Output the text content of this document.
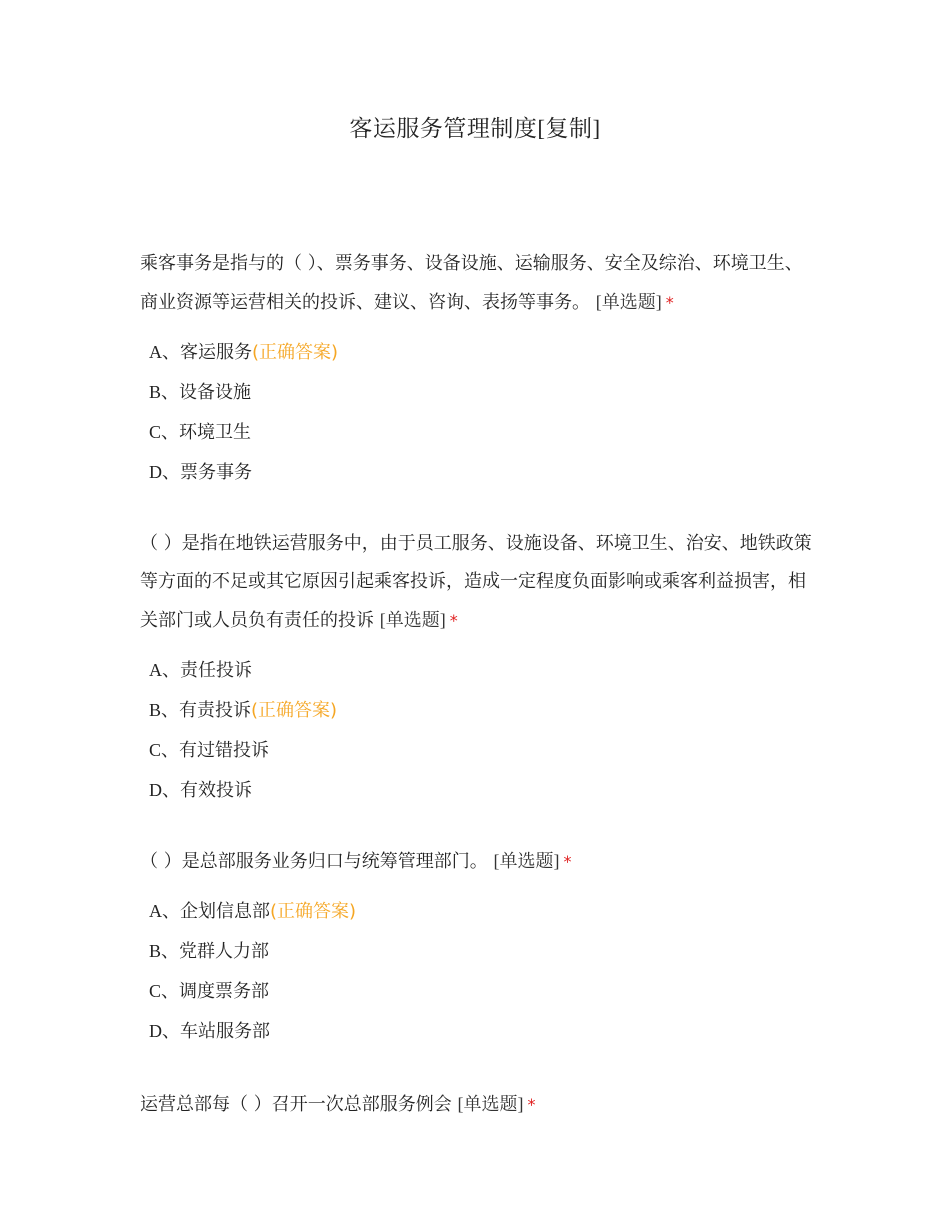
客运服务管理制度[复制]
乘客事务是指与的（ ）、票务事务、设备设施、运输服务、安全及综治、环境卫生、商业资源等运营相关的投诉、建议、咨询、表扬等事务。 [单选题] *
A、客运服务(正确答案)
B、设备设施
C、环境卫生
D、票务事务
（ ）是指在地铁运营服务中，由于员工服务、设施设备、环境卫生、治安、地铁政策等方面的不足或其它原因引起乘客投诉，造成一定程度负面影响或乘客利益损害，相关部门或人员负有责任的投诉 [单选题] *
A、责任投诉
B、有责投诉(正确答案)
C、有过错投诉
D、有效投诉
（ ）是总部服务业务归口与统筹管理部门。 [单选题] *
A、企划信息部(正确答案)
B、党群人力部
C、调度票务部
D、车站服务部
运营总部每（ ）召开一次总部服务例会 [单选题] *
